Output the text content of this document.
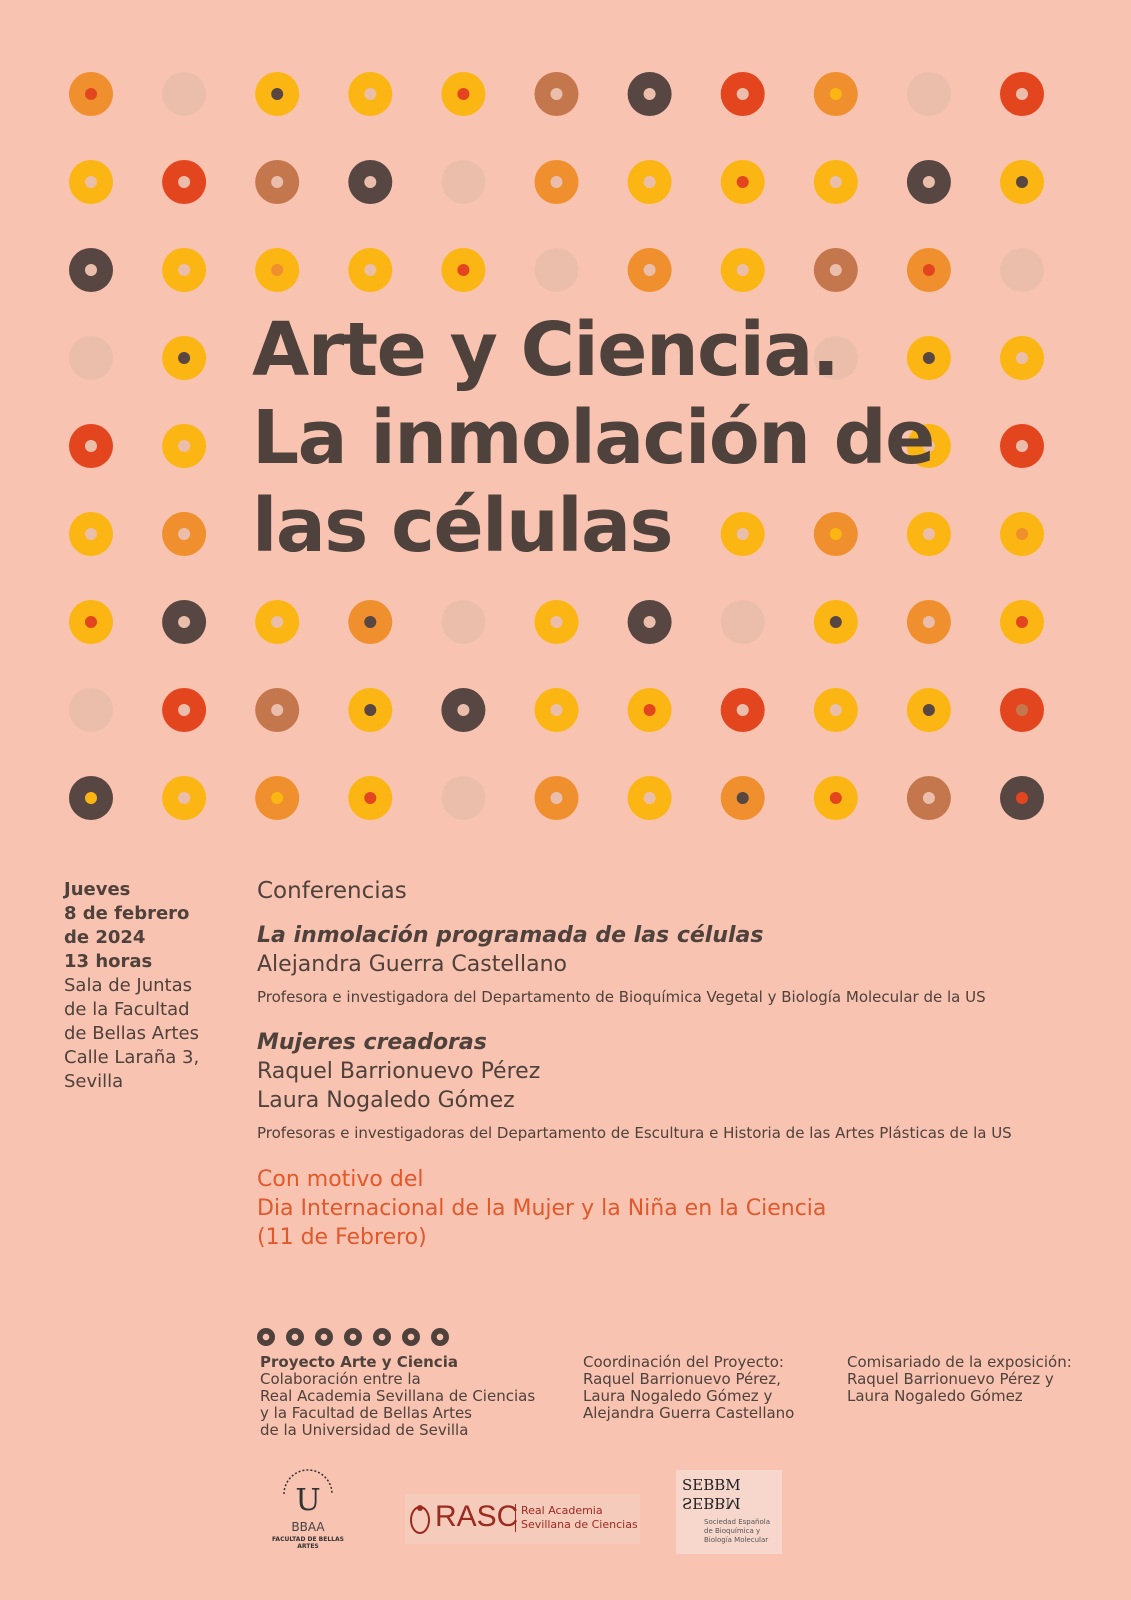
Arte y Ciencia.
La inmolación de
las células
Jueves
8 de febrero
de 2024
13 horas
Sala de Juntas
de la Facultad
de Bellas Artes
Calle Laraña 3,
Sevilla
Conferencias
La inmolación programada de las células
Alejandra Guerra Castellano
Profesora e investigadora del Departamento de Bioquímica Vegetal y Biología Molecular de la US
Mujeres creadoras
Raquel Barrionuevo Pérez
Laura Nogaledo Gómez
Profesoras e investigadoras del Departamento de Escultura e Historia de las Artes Plásticas de la US
Con motivo del
Dia Internacional de la Mujer y la Niña en la Ciencia
(11 de Febrero)
Proyecto Arte y Ciencia
Colaboración entre la
Real Academia Sevillana de Ciencias
y la Facultad de Bellas Artes
de la Universidad de Sevilla
Coordinación del Proyecto:
Raquel Barrionuevo Pérez,
Laura Nogaledo Gómez y
Alejandra Guerra Castellano
Comisariado de la exposición:
Raquel Barrionuevo Pérez y
Laura Nogaledo Gómez
U
BBAA
FACULTAD DE BELLAS ARTES
RASC Real Academia
Sevillana de Ciencias
SEBBM
SEBBM
Sociedad Española
de Bioquímica y
Biología Molecular
